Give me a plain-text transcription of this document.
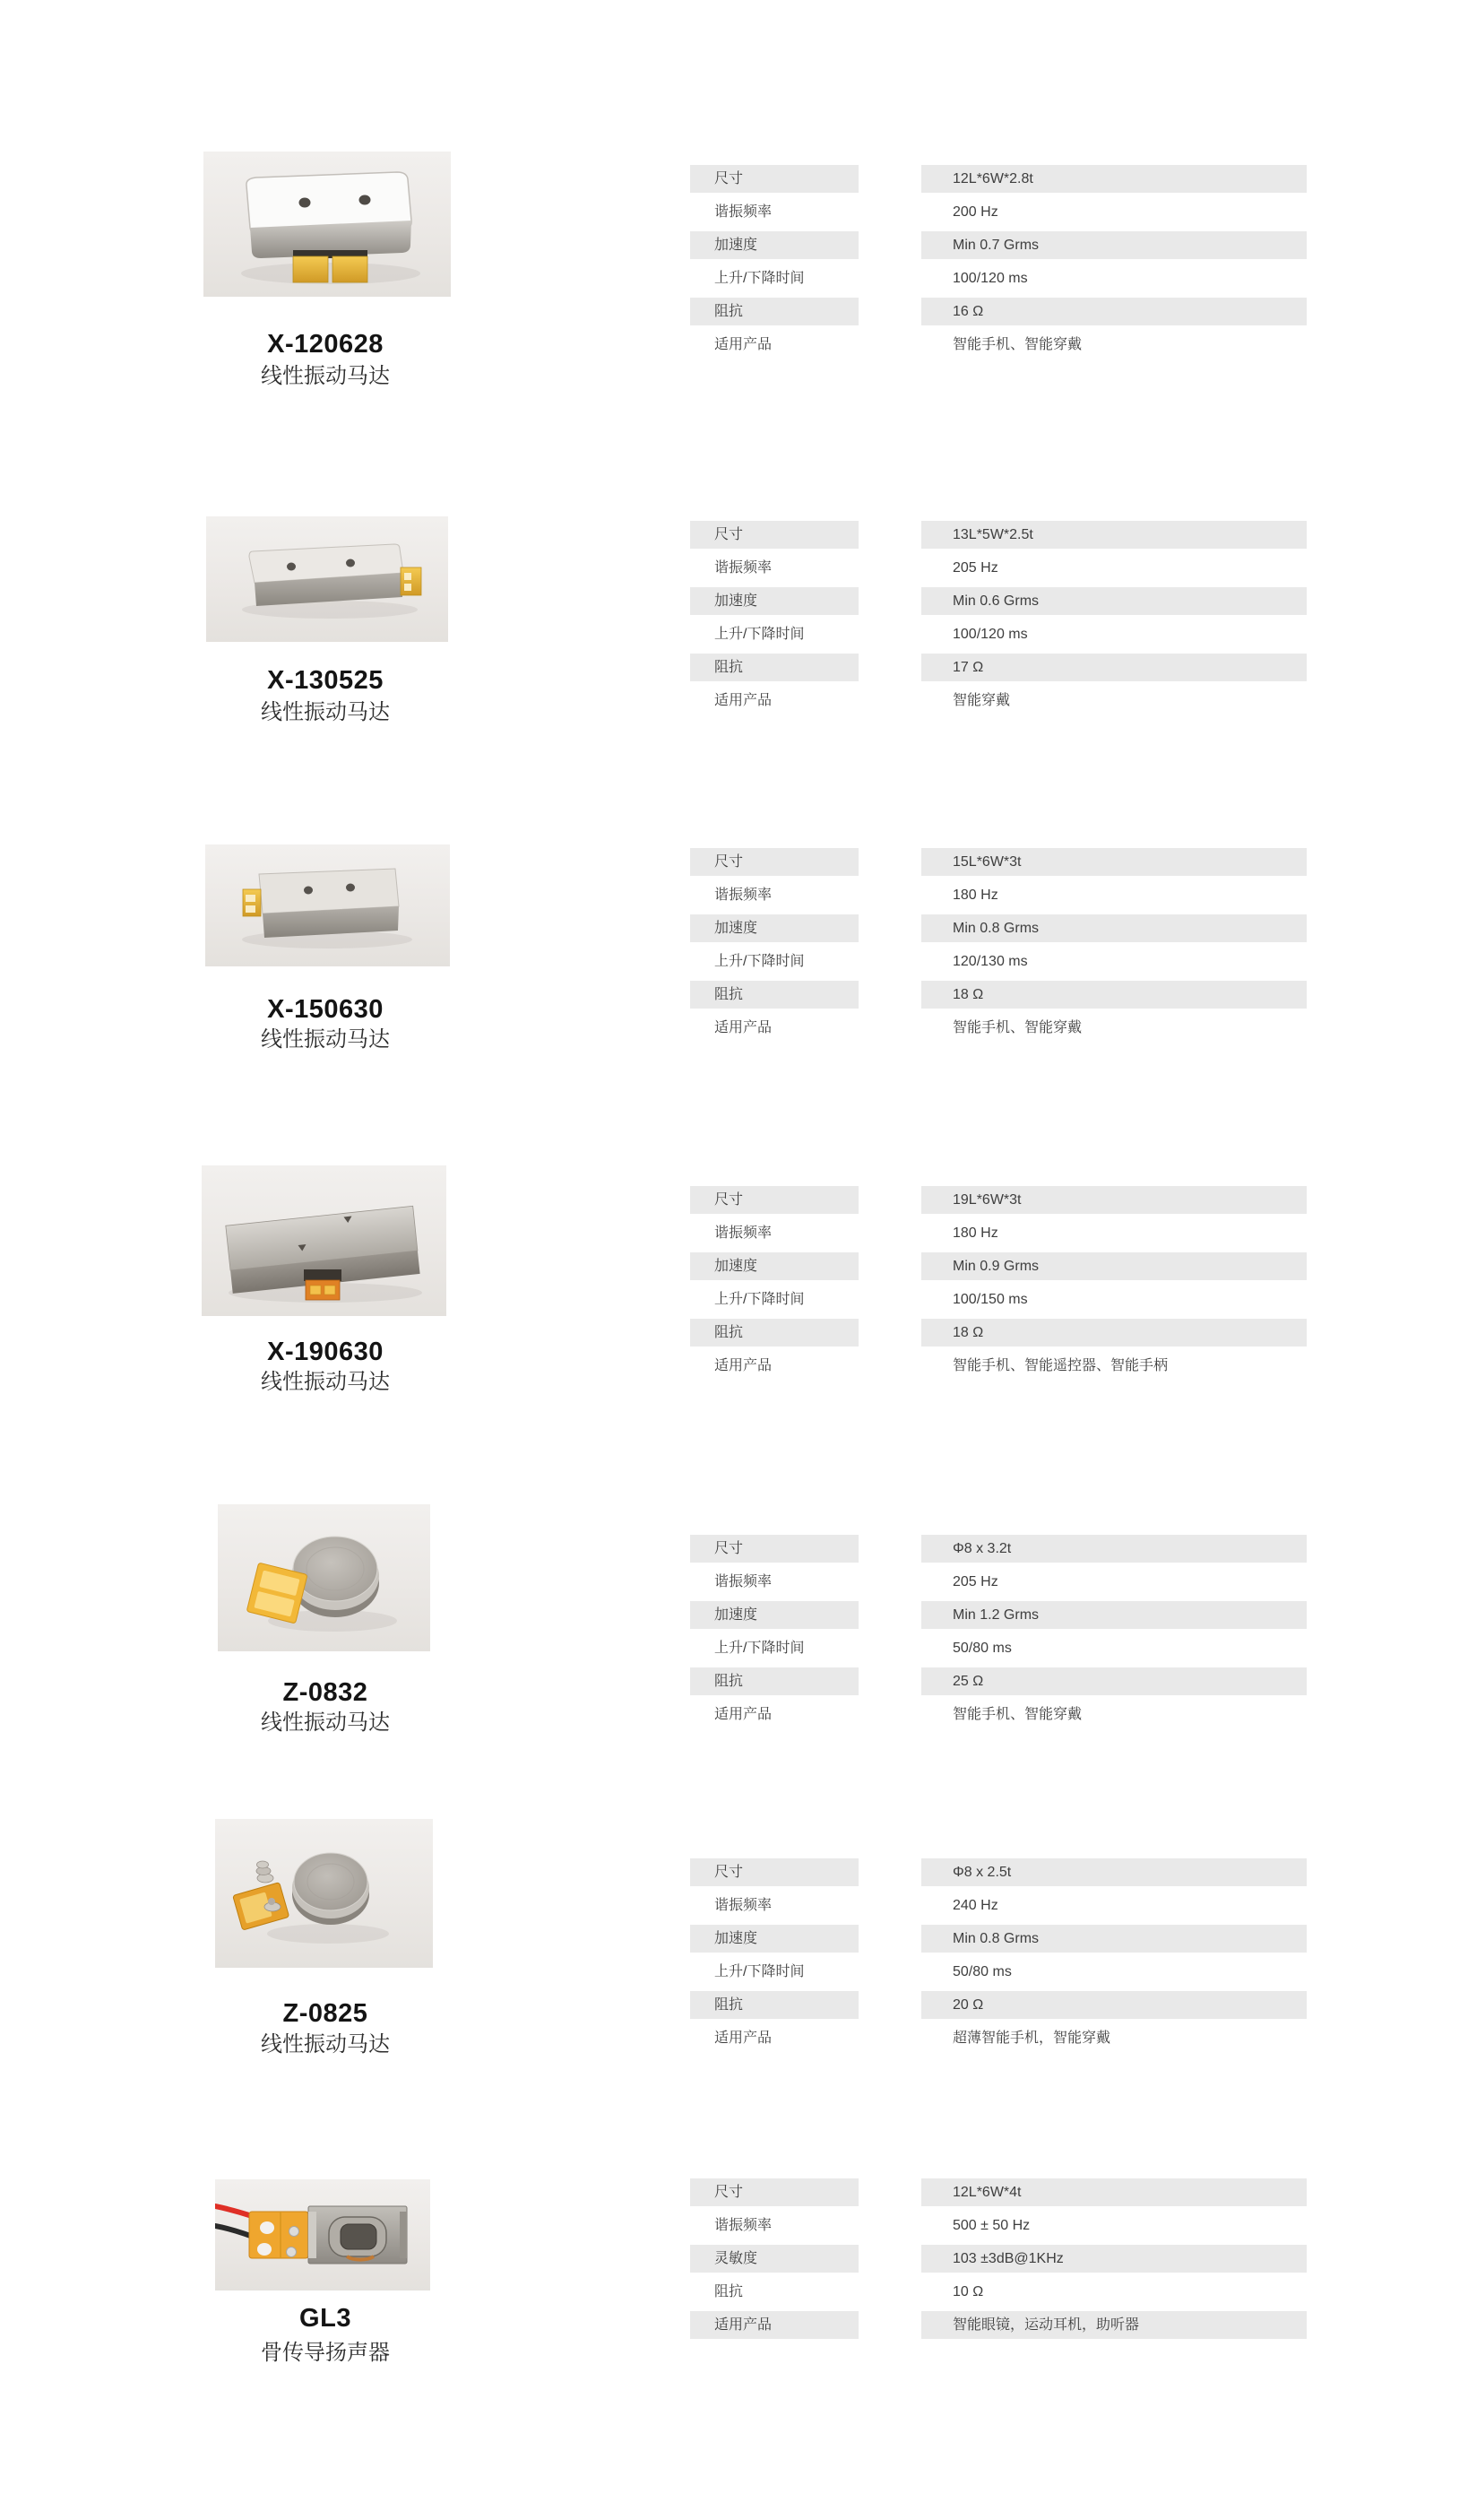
X-120628

线性振动马达

尺寸	12L*6W*2.8t
谐振频率	200 Hz
加速度	Min 0.7 Grms
上升/下降时间	100/120 ms
阻抗	16 Ω
适用产品	智能手机、智能穿戴
X-130525

线性振动马达

尺寸	13L*5W*2.5t
谐振频率	205 Hz
加速度	Min 0.6 Grms
上升/下降时间	100/120 ms
阻抗	17 Ω
适用产品	智能穿戴
X-150630

线性振动马达

尺寸	15L*6W*3t
谐振频率	180 Hz
加速度	Min 0.8 Grms
上升/下降时间	120/130 ms
阻抗	18 Ω
适用产品	智能手机、智能穿戴
X-190630

线性振动马达

尺寸	19L*6W*3t
谐振频率	180 Hz
加速度	Min 0.9 Grms
上升/下降时间	100/150 ms
阻抗	18 Ω
适用产品	智能手机、智能遥控器、智能手柄
Z-0832

线性振动马达

尺寸	Φ8 x 3.2t
谐振频率	205 Hz
加速度	Min 1.2 Grms
上升/下降时间	50/80 ms
阻抗	25 Ω
适用产品	智能手机、智能穿戴
Z-0825

线性振动马达

尺寸	Φ8 x 2.5t
谐振频率	240 Hz
加速度	Min 0.8 Grms
上升/下降时间	50/80 ms
阻抗	20 Ω
适用产品	超薄智能手机，智能穿戴
GL3

骨传导扬声器

尺寸	12L*6W*4t
谐振频率	500 ± 50 Hz
灵敏度	103 ±3dB@1KHz
阻抗	10 Ω
适用产品	智能眼镜，运动耳机，助听器
